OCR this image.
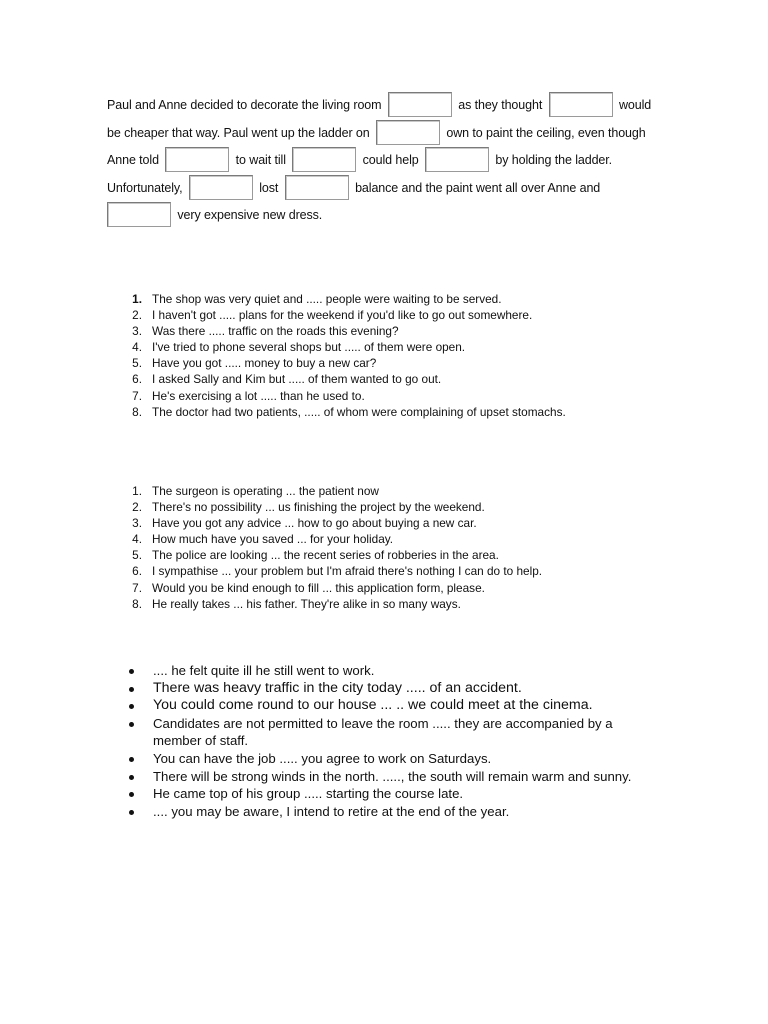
Paul and Anne decided to decorate the living room	as they thought	would
be cheaper that way. Paul went up the ladder on	own to paint the ceiling, even though
Anne told	to wait till	could help	by holding the ladder.
Unfortunately,	lost	balance and the paint went all over Anne and
very expensive new dress.
1. The shop was very quiet and ..... people were waiting to be served.
2. I haven't got ..... plans for the weekend if you'd like to go out somewhere.
3. Was there ..... traffic on the roads this evening?
4. I've tried to phone several shops but ..... of them were open.
5. Have you got ..... money to buy a new car?
6. I asked Sally and Kim but ..... of them wanted to go out.
7. He's exercising a lot ..... than he used to.
8. The doctor had two patients, ..... of whom were complaining of upset stomachs.
1. The surgeon is operating ... the patient now
2. There's no possibility ... us finishing the project by the weekend.
3. Have you got any advice ... how to go about buying a new car.
4. How much have you saved ... for your holiday.
5. The police are looking ... the recent series of robberies in the area.
6. I sympathise ... your problem but I'm afraid there's nothing I can do to help.
7. Would you be kind enough to fill ... this application form, please.
8. He really takes ... his father. They're alike in so many ways.
.... he felt quite ill he still went to work.
There was heavy traffic in the city today ..... of an accident.
You could come round to our house ... .. we could meet at the cinema.
Candidates are not permitted to leave the room ..... they are accompanied by a member of staff.
You can have the job ..... you agree to work on Saturdays.
There will be strong winds in the north. ....., the south will remain warm and sunny.
He came top of his group ..... starting the course late.
.... you may be aware, I intend to retire at the end of the year.
